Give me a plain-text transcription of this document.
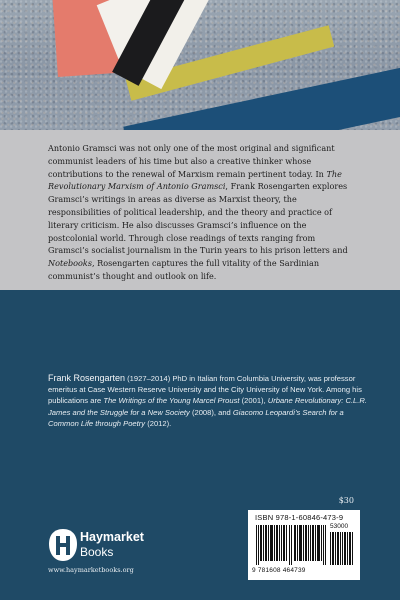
Antonio Gramsci was not only one of the most original and significant communist leaders of his time but also a creative thinker whose contributions to the renewal of Marxism remain pertinent today. In The Revolutionary Marxism of Antonio Gramsci, Frank Rosengarten explores Gramsci’s writings in areas as diverse as Marxist theory, the responsibilities of political leadership, and the theory and practice of literary criticism. He also discusses Gramsci’s influence on the postcolonial world. Through close readings of texts ranging from Gramsci’s socialist journalism in the Turin years to his prison letters and Notebooks, Rosengarten captures the full vitality of the Sardinian communist’s thought and outlook on life.

Frank Rosengarten (1927–2014) PhD in Italian from Columbia University, was professor emeritus at Case Western Reserve University and the City University of New York. Among his publications are The Writings of the Young Marcel Proust (2001), Urbane Revolutionary: C.L.R. James and the Struggle for a New Society (2008), and Giacomo Leopardi’s Search for a Common Life through Poetry (2012).

$30
ISBN 978-1-60846-473-9
53000
9 781608 464739
Haymarket
Books
www.haymarketbooks.org
